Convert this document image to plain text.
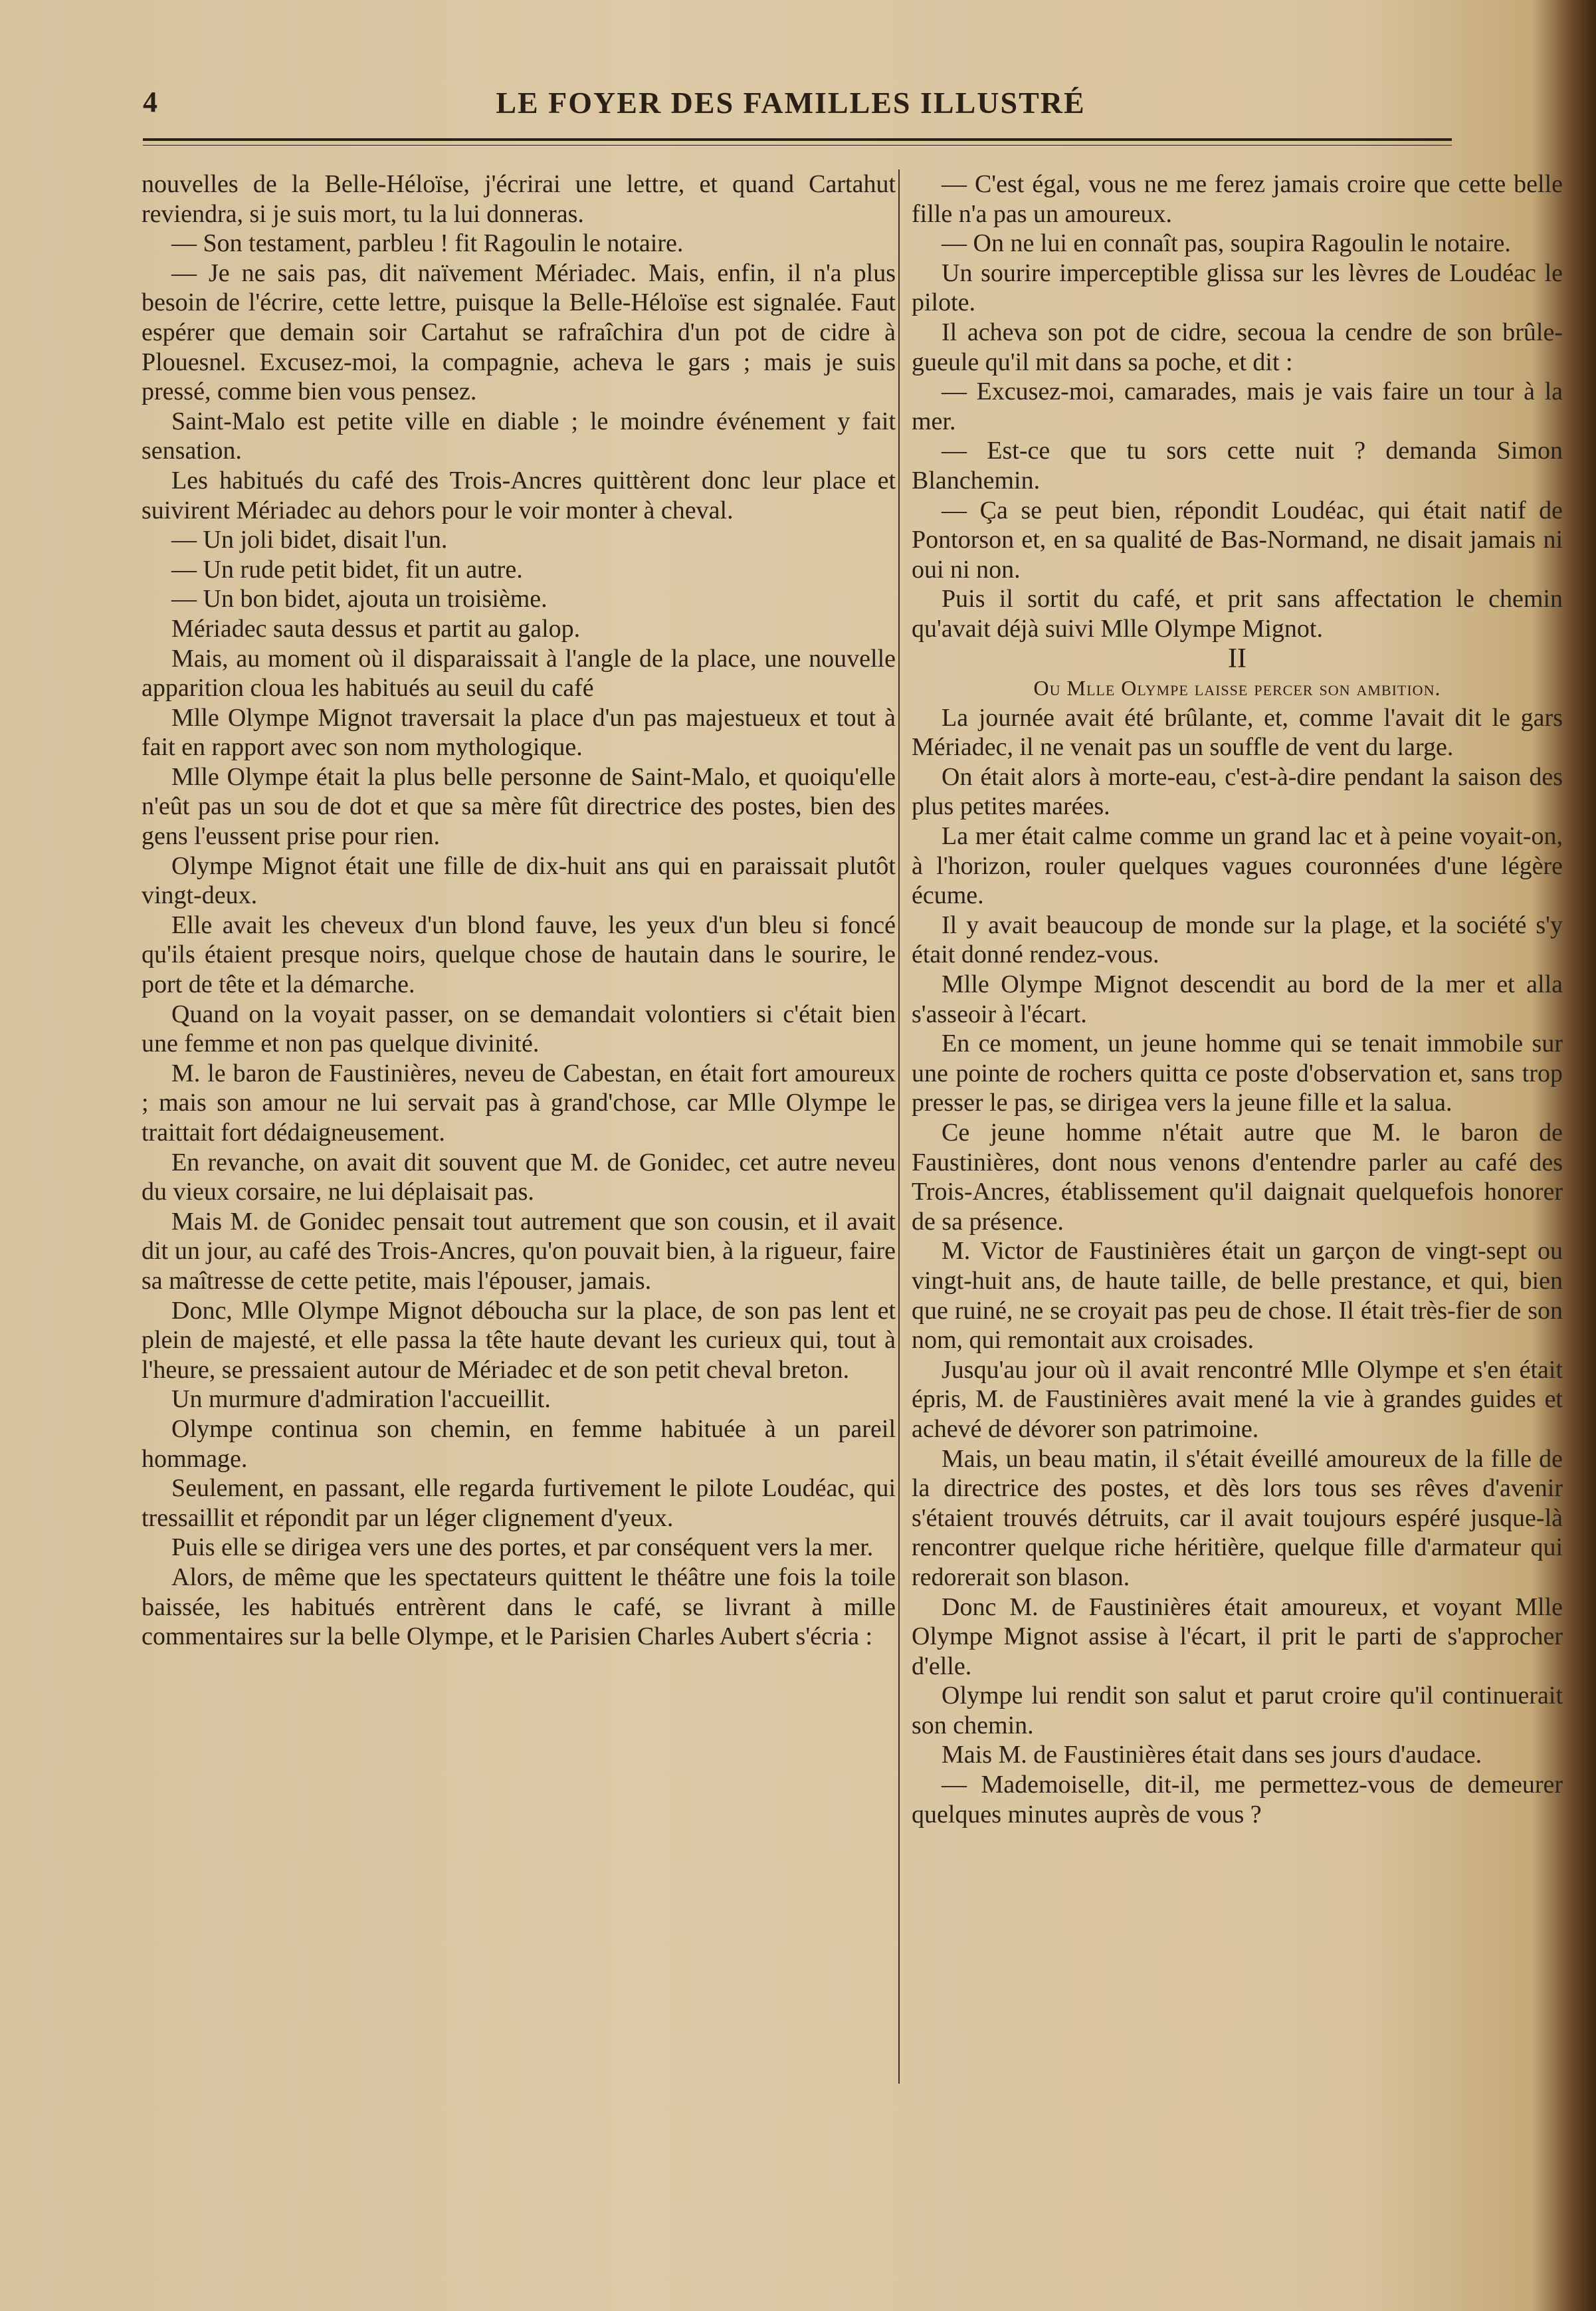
4	LE FOYER DES FAMILLES ILLUSTRÉ

nouvelles de la Belle-Héloïse, j'écrirai une lettre, et quand Cartahut reviendra, si je suis mort, tu la lui donneras.

— Son testament, parbleu ! fit Ragoulin le notaire.

— Je ne sais pas, dit naïvement Mériadec. Mais, enfin, il n'a plus besoin de l'écrire, cette lettre, puisque la Belle-Héloïse est signalée. Faut espérer que demain soir Cartahut se rafraîchira d'un pot de cidre à Plouesnel. Excusez-moi, la compagnie, acheva le gars ; mais je suis pressé, comme bien vous pensez.

Saint-Malo est petite ville en diable ; le moindre événement y fait sensation.

Les habitués du café des Trois-Ancres quittèrent donc leur place et suivirent Mériadec au dehors pour le voir monter à cheval.

— Un joli bidet, disait l'un.

— Un rude petit bidet, fit un autre.

— Un bon bidet, ajouta un troisième.

Mériadec sauta dessus et partit au galop.

Mais, au moment où il disparaissait à l'angle de la place, une nouvelle apparition cloua les habitués au seuil du café

Mlle Olympe Mignot traversait la place d'un pas majestueux et tout à fait en rapport avec son nom mythologique.

Mlle Olympe était la plus belle personne de Saint-Malo, et quoiqu'elle n'eût pas un sou de dot et que sa mère fût directrice des postes, bien des gens l'eussent prise pour rien.

Olympe Mignot était une fille de dix-huit ans qui en paraissait plutôt vingt-deux.

Elle avait les cheveux d'un blond fauve, les yeux d'un bleu si foncé qu'ils étaient presque noirs, quelque chose de hautain dans le sourire, le port de tête et la démarche.

Quand on la voyait passer, on se demandait volontiers si c'était bien une femme et non pas quelque divinité.

M. le baron de Faustinières, neveu de Cabestan, en était fort amoureux ; mais son amour ne lui servait pas à grand'chose, car Mlle Olympe le traittait fort dédaigneusement.

En revanche, on avait dit souvent que M. de Gonidec, cet autre neveu du vieux corsaire, ne lui déplaisait pas.

Mais M. de Gonidec pensait tout autrement que son cousin, et il avait dit un jour, au café des Trois-Ancres, qu'on pouvait bien, à la rigueur, faire sa maîtresse de cette petite, mais l'épouser, jamais.

Donc, Mlle Olympe Mignot déboucha sur la place, de son pas lent et plein de majesté, et elle passa la tête haute devant les curieux qui, tout à l'heure, se pressaient autour de Mériadec et de son petit cheval breton.

Un murmure d'admiration l'accueillit.

Olympe continua son chemin, en femme habituée à un pareil hommage.

Seulement, en passant, elle regarda furtivement le pilote Loudéac, qui tressaillit et répondit par un léger clignement d'yeux.

Puis elle se dirigea vers une des portes, et par conséquent vers la mer.

Alors, de même que les spectateurs quittent le théâtre une fois la toile baissée, les habitués entrèrent dans le café, se livrant à mille commentaires sur la belle Olympe, et le Parisien Charles Aubert s'écria :

— C'est égal, vous ne me ferez jamais croire que cette belle fille n'a pas un amoureux.

— On ne lui en connaît pas, soupira Ragoulin le notaire.

Un sourire imperceptible glissa sur les lèvres de Loudéac le pilote.

Il acheva son pot de cidre, secoua la cendre de son brûle-gueule qu'il mit dans sa poche, et dit :

— Excusez-moi, camarades, mais je vais faire un tour à la mer.

— Est-ce que tu sors cette nuit ? demanda Simon Blanchemin.

— Ça se peut bien, répondit Loudéac, qui était natif de Pontorson et, en sa qualité de Bas-Normand, ne disait jamais ni oui ni non.

Puis il sortit du café, et prit sans affectation le chemin qu'avait déjà suivi Mlle Olympe Mignot.

II

Ou Mlle Olympe laisse percer son ambition.

La journée avait été brûlante, et, comme l'avait dit le gars Mériadec, il ne venait pas un souffle de vent du large.

On était alors à morte-eau, c'est-à-dire pendant la saison des plus petites marées.

La mer était calme comme un grand lac et à peine voyait-on, à l'horizon, rouler quelques vagues couronnées d'une légère écume.

Il y avait beaucoup de monde sur la plage, et la société s'y était donné rendez-vous.

Mlle Olympe Mignot descendit au bord de la mer et alla s'asseoir à l'écart.

En ce moment, un jeune homme qui se tenait immobile sur une pointe de rochers quitta ce poste d'observation et, sans trop presser le pas, se dirigea vers la jeune fille et la salua.

Ce jeune homme n'était autre que M. le baron de Faustinières, dont nous venons d'entendre parler au café des Trois-Ancres, établissement qu'il daignait quelquefois honorer de sa présence.

M. Victor de Faustinières était un garçon de vingt-sept ou vingt-huit ans, de haute taille, de belle prestance, et qui, bien que ruiné, ne se croyait pas peu de chose. Il était très-fier de son nom, qui remontait aux croisades.

Jusqu'au jour où il avait rencontré Mlle Olympe et s'en était épris, M. de Faustinières avait mené la vie à grandes guides et achevé de dévorer son patrimoine.

Mais, un beau matin, il s'était éveillé amoureux de la fille de la directrice des postes, et dès lors tous ses rêves d'avenir s'étaient trouvés détruits, car il avait toujours espéré jusque-là rencontrer quelque riche héritière, quelque fille d'armateur qui redorerait son blason.

Donc M. de Faustinières était amoureux, et voyant Mlle Olympe Mignot assise à l'écart, il prit le parti de s'approcher d'elle.

Olympe lui rendit son salut et parut croire qu'il continuerait son chemin.

Mais M. de Faustinières était dans ses jours d'audace.

— Mademoiselle, dit-il, me permettez-vous de demeurer quelques minutes auprès de vous ?
